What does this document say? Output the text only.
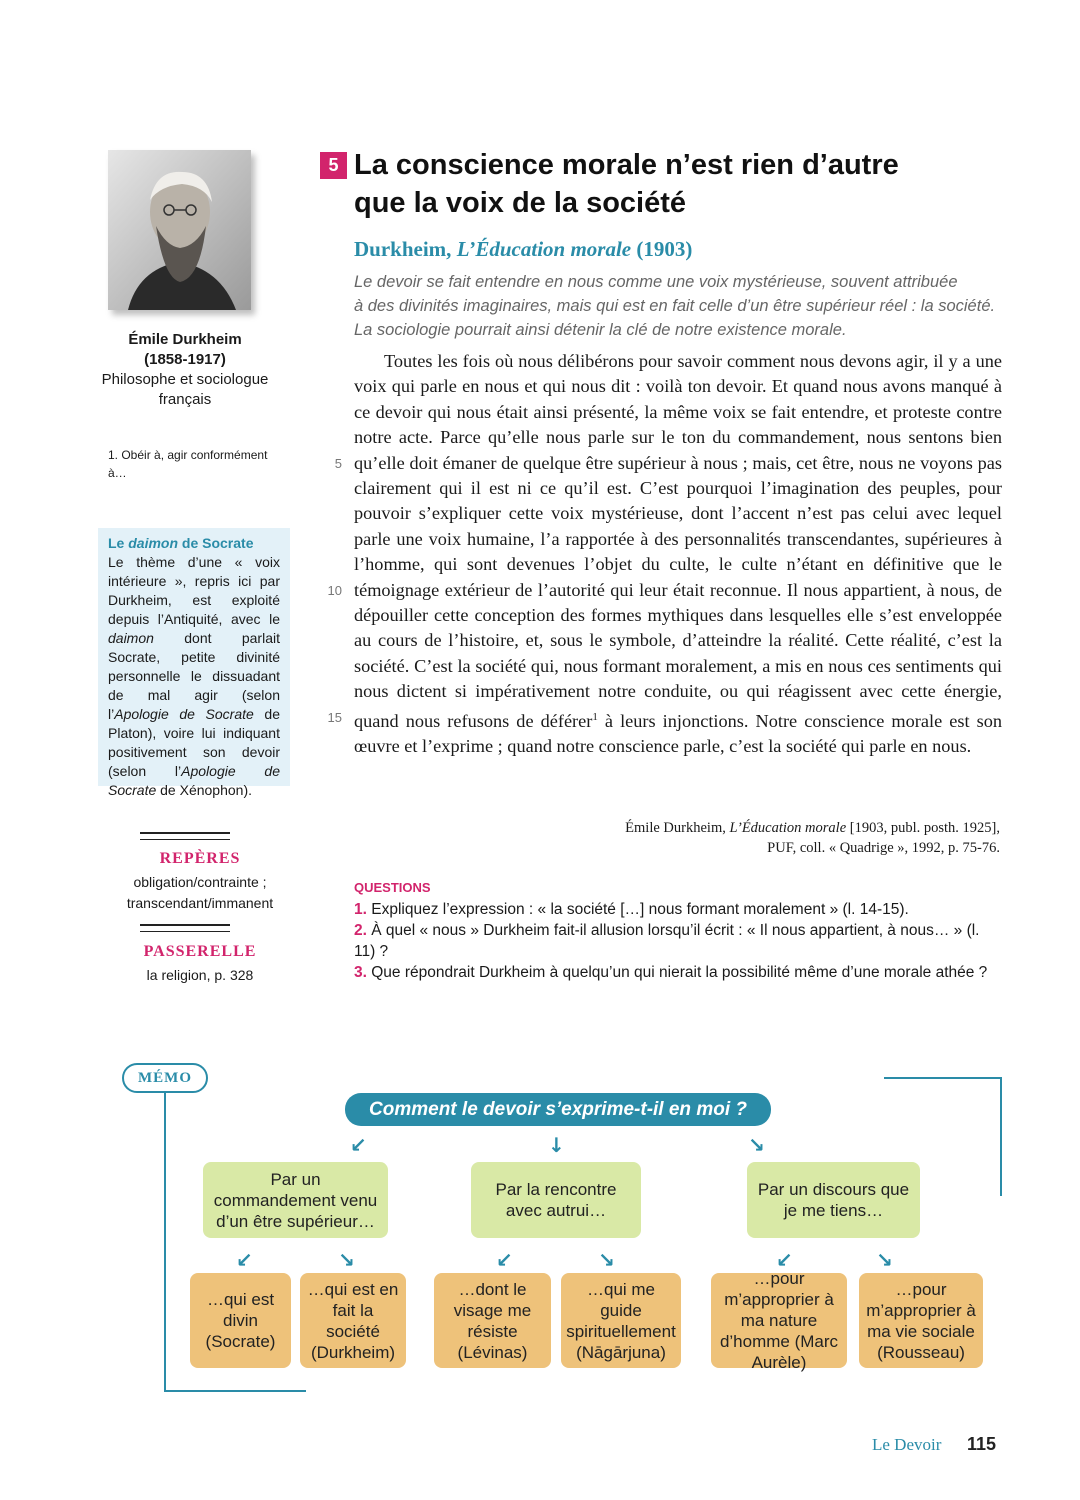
Émile Durkheim
(1858-1917)
Philosophe et sociologue français
1. Obéir à, agir conformément à…
Le daimon de Socrate
Le thème d’une « voix intérieure », repris ici par Durkheim, est exploité depuis l’Antiquité, avec le daimon dont parlait Socrate, petite divinité personnelle le dissuadant de mal agir (selon l’Apologie de Socrate de Platon), voire lui indiquant positivement son devoir (selon l’Apologie de Socrate de Xénophon).
REPÈRES
obligation/contrainte ;
transcendant/immanent
PASSERELLE
la religion, p. 328
5 La conscience morale n’est rien d’autre
que la voix de la société
Durkheim, L’Éducation morale (1903)
Le devoir se fait entendre en nous comme une voix mystérieuse, souvent attribuée
à des divinités imaginaires, mais qui est en fait celle d’un être supérieur réel : la société.
La sociologie pourrait ainsi détenir la clé de notre existence morale.

Toutes les fois où nous délibérons pour savoir comment nous devons agir, il y a une voix qui parle en nous et qui nous dit : voilà ton devoir. Et quand nous avons manqué à ce devoir qui nous était ainsi présenté, la même voix se fait entendre, et proteste contre notre acte. Parce qu’elle nous parle sur le ton du commandement, nous sentons bien qu’elle doit émaner de quelque être supérieur à nous ; mais, cet être, nous ne voyons pas clairement qui il est ni ce qu’il est. C’est pourquoi l’imagination des peuples, pour pouvoir s’expliquer cette voix mystérieuse, dont l’accent n’est pas celui avec lequel parle une voix humaine, l’a rapportée à des personnalités transcendantes, supérieures à l’homme, qui sont devenues l’objet du culte, le culte n’étant en définitive que le témoignage extérieur de l’autorité qui leur était reconnue. Il nous appartient, à nous, de dépouiller cette conception des formes mythiques dans lesquelles elle s’est enveloppée au cours de l’histoire, et, sous le symbole, d’atteindre la réalité. Cette réalité, c’est la société. C’est la société qui, nous formant moralement, a mis en nous ces sentiments qui nous dictent si impérativement notre conduite, ou qui réagissent avec cette énergie, quand nous refusons de déférer$^1$ à leurs injonctions. Notre conscience morale est son œuvre et l’exprime ; quand notre conscience parle, c’est la société qui parle en nous.

5
10
15
Émile Durkheim, L’Éducation morale [1903, publ. posth. 1925],
PUF, coll. « Quadrige », 1992, p. 75-76.
QUESTIONS

1. Expliquez l’expression : « la société […] nous formant moralement » (l. 14-15).

2. À quel « nous » Durkheim fait-il allusion lorsqu’il écrit : « Il nous appartient, à nous… » (l. 11) ?

3. Que répondrait Durkheim à quelqu’un qui nierait la possibilité même d’une morale athée ?

MÉMO
Comment le devoir s’exprime-t-il en moi ?
↙	↓	↘
Par un commandement venu d’un être supérieur…
Par la rencontre avec autrui…
Par un discours que je me tiens…
↙	↘	↙	↘	↙	↘
…qui est divin (Socrate)
…qui est en fait la société (Durkheim)
…dont le visage me résiste (Lévinas)
…qui me guide spirituellement (Nāgārjuna)
…pour m’approprier à ma nature d’homme (Marc Aurèle)
…pour m’approprier à ma vie sociale (Rousseau)
Le Devoir 115
